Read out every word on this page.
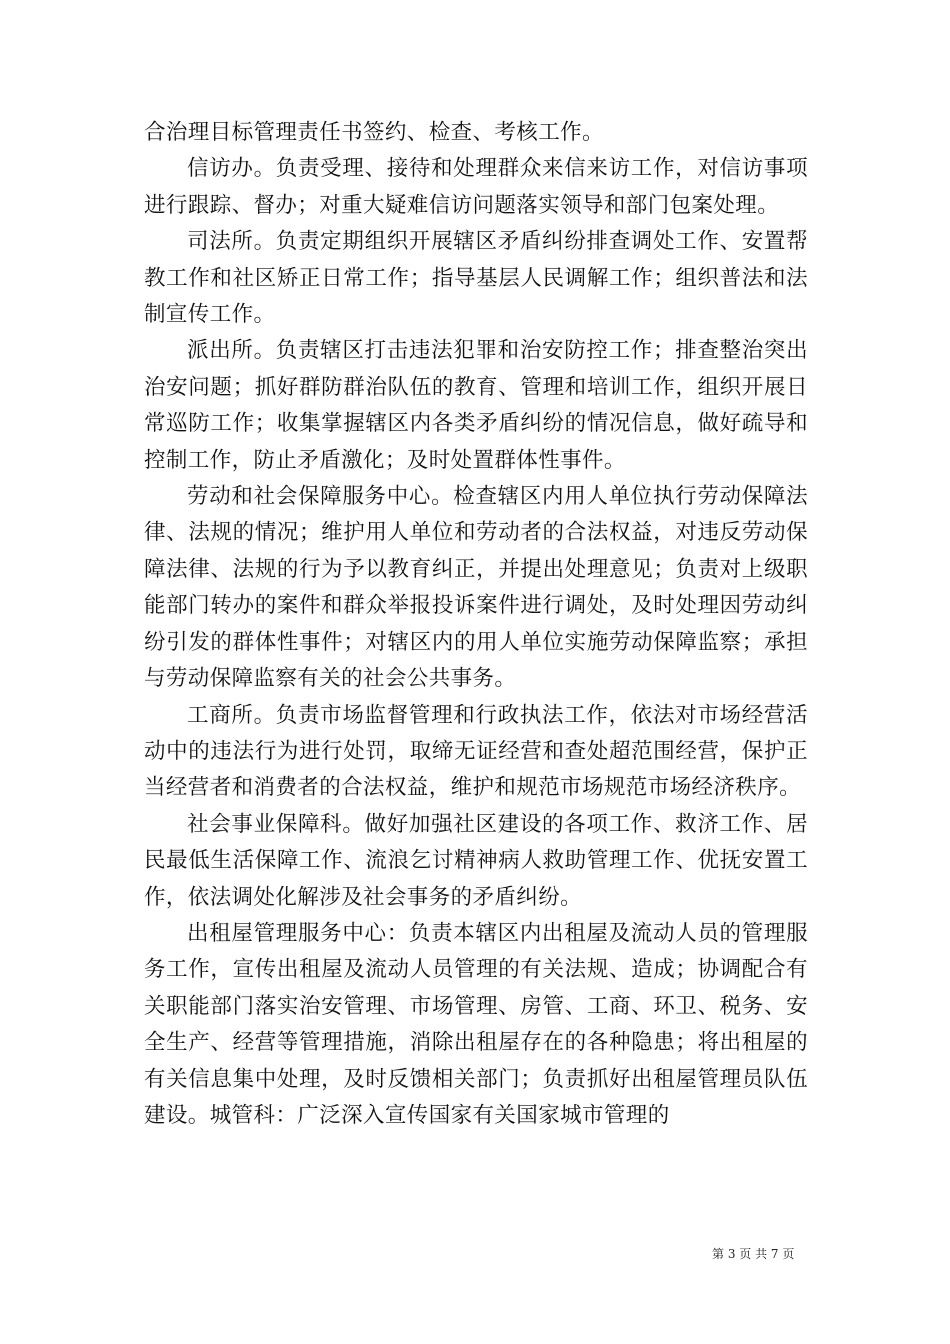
合治理目标管理责任书签约、检查、考核工作。

信访办。负责受理、接待和处理群众来信来访工作，对信访事项进行跟踪、督办；对重大疑难信访问题落实领导和部门包案处理。

司法所。负责定期组织开展辖区矛盾纠纷排查调处工作、安置帮教工作和社区矫正日常工作；指导基层人民调解工作；组织普法和法制宣传工作。

派出所。负责辖区打击违法犯罪和治安防控工作；排查整治突出治安问题；抓好群防群治队伍的教育、管理和培训工作，组织开展日常巡防工作；收集掌握辖区内各类矛盾纠纷的情况信息，做好疏导和控制工作，防止矛盾激化；及时处置群体性事件。

劳动和社会保障服务中心。检查辖区内用人单位执行劳动保障法律、法规的情况；维护用人单位和劳动者的合法权益，对违反劳动保障法律、法规的行为予以教育纠正，并提出处理意见；负责对上级职能部门转办的案件和群众举报投诉案件进行调处，及时处理因劳动纠纷引发的群体性事件；对辖区内的用人单位实施劳动保障监察；承担与劳动保障监察有关的社会公共事务。

工商所。负责市场监督管理和行政执法工作，依法对市场经营活动中的违法行为进行处罚，取缔无证经营和查处超范围经营，保护正当经营者和消费者的合法权益，维护和规范市场规范市场经济秩序。

社会事业保障科。做好加强社区建设的各项工作、救济工作、居民最低生活保障工作、流浪乞讨精神病人救助管理工作、优抚安置工作，依法调处化解涉及社会事务的矛盾纠纷。

出租屋管理服务中心：负责本辖区内出租屋及流动人员的管理服务工作，宣传出租屋及流动人员管理的有关法规、造成；协调配合有关职能部门落实治安管理、市场管理、房管、工商、环卫、税务、安全生产、经营等管理措施，消除出租屋存在的各种隐患；将出租屋的有关信息集中处理，及时反馈相关部门；负责抓好出租屋管理员队伍建设。城管科：广泛深入宣传国家有关国家城市管理的

第 3 页 共 7 页
